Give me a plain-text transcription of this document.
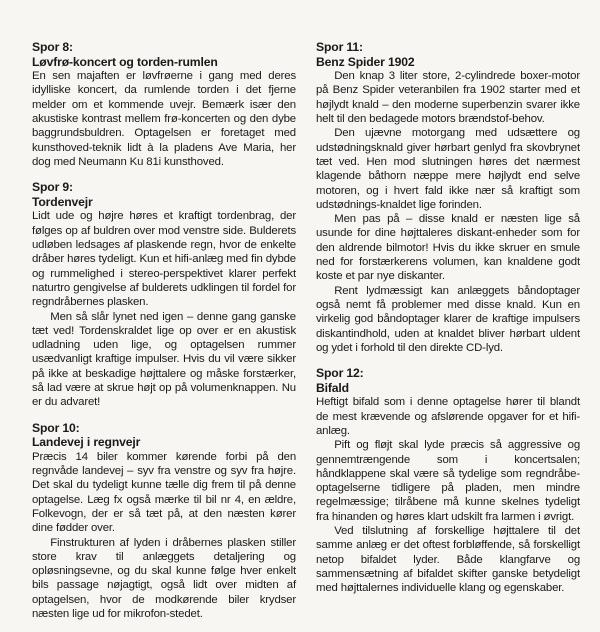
Spor 8:
Løvfrø-koncert og torden-rumlen

En sen majaften er løvfrøerne i gang med deres idylliske koncert, da rumlende torden i det fjerne melder om et kommende uvejr. Bemærk især den akustiske kontrast mellem frø-koncerten og den dybe baggrundsbuldren. Optagelsen er foretaget med kunsthoved-teknik lidt à la pladens Ave Maria, her dog med Neumann Ku 81i kunsthoved.

Spor 9:
Tordenvejr

Lidt ude og højre høres et kraftigt tordenbrag, der følges op af buldren over mod venstre side. Bulderets udløben ledsages af plaskende regn, hvor de enkelte dråber høres tydeligt. Kun et hifi-anlæg med fin dybde og rummelighed i stereo-perspektivet klarer perfekt naturtro gengivelse af bulderets udklingen til fordel for regndråbernes plasken.

Men så slår lynet ned igen – denne gang ganske tæt ved! Tordenskraldet lige op over er en akustisk udladning uden lige, og optagelsen rummer usædvanligt kraftige impulser. Hvis du vil være sikker på ikke at beskadige højttalere og måske forstærker, så lad være at skrue højt op på volumenknappen. Nu er du advaret!

Spor 10:
Landevej i regnvejr

Præcis 14 biler kommer kørende forbi på den regnvåde landevej – syv fra venstre og syv fra højre. Det skal du tydeligt kunne tælle dig frem til på denne optagelse. Læg fx også mærke til bil nr 4, en ældre, Folkevogn, der er så tæt på, at den næsten kører dine fødder over.

Finstrukturen af lyden i dråbernes plasken stiller store krav til anlæggets detaljering og opløsningsevne, og du skal kunne følge hver enkelt bils passage nøjagtigt, også lidt over midten af optagelsen, hvor de modkørende biler krydser næsten lige ud for mikrofon-stedet.

Spor 11:
Benz Spider 1902

Den knap 3 liter store, 2-cylindrede boxer-motor på Benz Spider veteranbilen fra 1902 starter med et højlydt knald – den moderne superbenzin svarer ikke helt til den bedagede motors brændstof-behov.

Den ujævne motorgang med udsættere og udstødningsknald giver hørbart genlyd fra skovbrynet tæt ved. Hen mod slutningen høres det nærmest klagende båthorn næppe mere højlydt end selve motoren, og i hvert fald ikke nær så kraftigt som udstødnings-knaldet lige forinden.

Men pas på – disse knald er næsten lige så usunde for dine højttaleres diskant-enheder som for den aldrende bilmotor! Hvis du ikke skruer en smule ned for forstærkerens volumen, kan knaldene godt koste et par nye diskanter.

Rent lydmæssigt kan anlæggets båndoptager også nemt få problemer med disse knald. Kun en virkelig god båndoptager klarer de kraftige impulsers diskantindhold, uden at knaldet bliver hørbart uldent og ydet i forhold til den direkte CD-lyd.

Spor 12:
Bifald

Heftigt bifald som i denne optagelse hører til blandt de mest krævende og afslørende opgaver for et hifi-anlæg.

Pift og fløjt skal lyde præcis så aggressive og gennemtrængende som i koncertsalen; håndklappene skal være så tydelige som regndråbe-optagelserne tidligere på pladen, men mindre regelmæssige; tilråbene må kunne skelnes tydeligt fra hinanden og høres klart udskilt fra larmen i øvrigt.

Ved tilslutning af forskellige højttalere til det samme anlæg er det oftest forbløffende, så forskelligt netop bifaldet lyder. Både klangfarve og sammensætning af bifaldet skifter ganske betydeligt med højttalernes individuelle klang og egenskaber.
